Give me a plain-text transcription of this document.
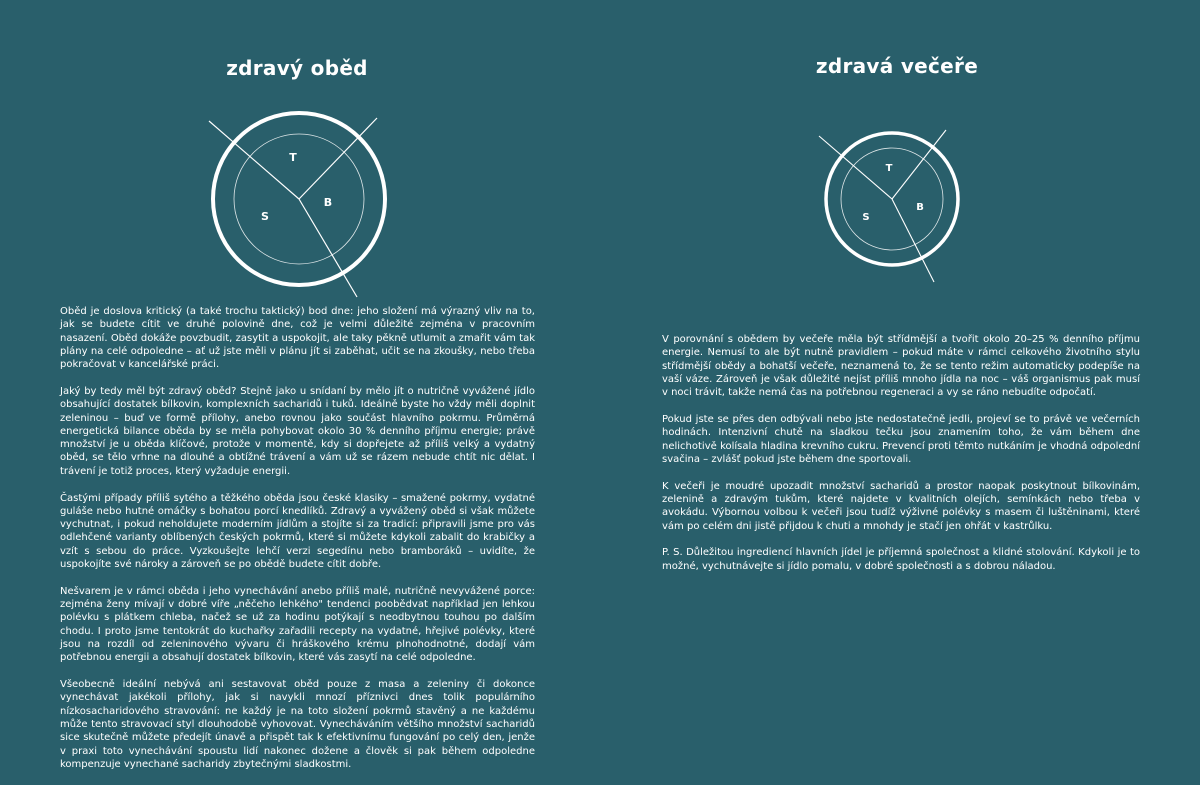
zdravý oběd
T
S
B

Oběd je doslova kritický (a také trochu taktický) bod dne: jeho složení má výrazný vliv na to, jak se budete cítit ve druhé polovině dne, což je velmi důležité zejména v pracovním nasazení. Oběd dokáže povzbudit, zasytit a uspokojit, ale taky pěkně utlumit a zmařit vám tak plány na celé odpoledne – ať už jste měli v plánu jít si zaběhat, učit se na zkoušky, nebo třeba pokračovat v kancelářské práci.

Jaký by tedy měl být zdravý oběd? Stejně jako u snídaní by mělo jít o nutričně vyvážené jídlo obsahující dostatek bílkovin, komplexních sacharidů i tuků. Ideálně byste ho vždy měli doplnit zeleninou – buď ve formě přílohy, anebo rovnou jako součást hlavního pokrmu. Průměrná energetická bilance oběda by se měla pohybovat okolo 30 % denního příjmu energie; právě množství je u oběda klíčové, protože v momentě, kdy si dopřejete až příliš velký a vydatný oběd, se tělo vrhne na dlouhé a obtížné trávení a vám už se rázem nebude chtít nic dělat. I trávení je totiž proces, který vyžaduje energii.

Častými případy příliš sytého a těžkého oběda jsou české klasiky – smažené pokrmy, vydatné guláše nebo hutné omáčky s bohatou porcí knedlíků. Zdravý a vyvážený oběd si však můžete vychutnat, i pokud neholdujete moderním jídlům a stojíte si za tradicí: připravili jsme pro vás odlehčené varianty oblíbených českých pokrmů, které si můžete kdykoli zabalit do krabičky a vzít s sebou do práce. Vyzkoušejte lehčí verzi segedínu nebo bramboráků – uvidíte, že uspokojíte své nároky a zároveň se po obědě budete cítit dobře.

Nešvarem je v rámci oběda i jeho vynechávání anebo příliš malé, nutričně nevyvážené porce: zejména ženy mívají v dobré víře „něčeho lehkého" tendenci poobědvat například jen lehkou polévku s plátkem chleba, načež se už za hodinu potýkají s neodbytnou touhou po dalším chodu. I proto jsme tentokrát do kuchařky zařadili recepty na vydatné, hřejivé polévky, které jsou na rozdíl od zeleninového vývaru či hráškového krému plnohodnotné, dodají vám potřebnou energii a obsahují dostatek bílkovin, které vás zasytí na celé odpoledne.

Všeobecně ideální nebývá ani sestavovat oběd pouze z masa a zeleniny či dokonce vynechávat jakékoli přílohy, jak si navykli mnozí příznivci dnes tolik populárního nízkosacharidového stravování: ne každý je na toto složení pokrmů stavěný a ne každému může tento stravovací styl dlouhodobě vyhovovat. Vynecháváním většího množství sacharidů sice skutečně můžete předejít únavě a přispět tak k efektivnímu fungování po celý den, jenže v praxi toto vynechávání spoustu lidí nakonec dožene a člověk si pak během odpoledne kompenzuje vynechané sacharidy zbytečnými sladkostmi.

zdravá večeře
T
S
B

V porovnání s obědem by večeře měla být střídmější a tvořit okolo 20–25 % denního příjmu energie. Nemusí to ale být nutně pravidlem – pokud máte v rámci celkového životního stylu střídmější obědy a bohatší večeře, neznamená to, že se tento režim automaticky podepíše na vaší váze. Zároveň je však důležité nejíst příliš mnoho jídla na noc – váš organismus pak musí v noci trávit, takže nemá čas na potřebnou regeneraci a vy se ráno nebudíte odpočatí.

Pokud jste se přes den odbývali nebo jste nedostatečně jedli, projeví se to právě ve večerních hodinách. Intenzivní chutě na sladkou tečku jsou znamením toho, že vám během dne nelichotivě kolísala hladina krevního cukru. Prevencí proti těmto nutkáním je vhodná odpolední svačina – zvlášť pokud jste během dne sportovali.

K večeři je moudré upozadit množství sacharidů a prostor naopak poskytnout bílkovinám, zelenině a zdravým tukům, které najdete v kvalitních olejích, semínkách nebo třeba v avokádu. Výbornou volbou k večeři jsou tudíž výživné polévky s masem či luštěninami, které vám po celém dni jistě přijdou k chuti a mnohdy je stačí jen ohřát v kastrůlku.

P. S. Důležitou ingrediencí hlavních jídel je příjemná společnost a klidné stolování. Kdykoli je to možné, vychutnávejte si jídlo pomalu, v dobré společnosti a s dobrou náladou.
